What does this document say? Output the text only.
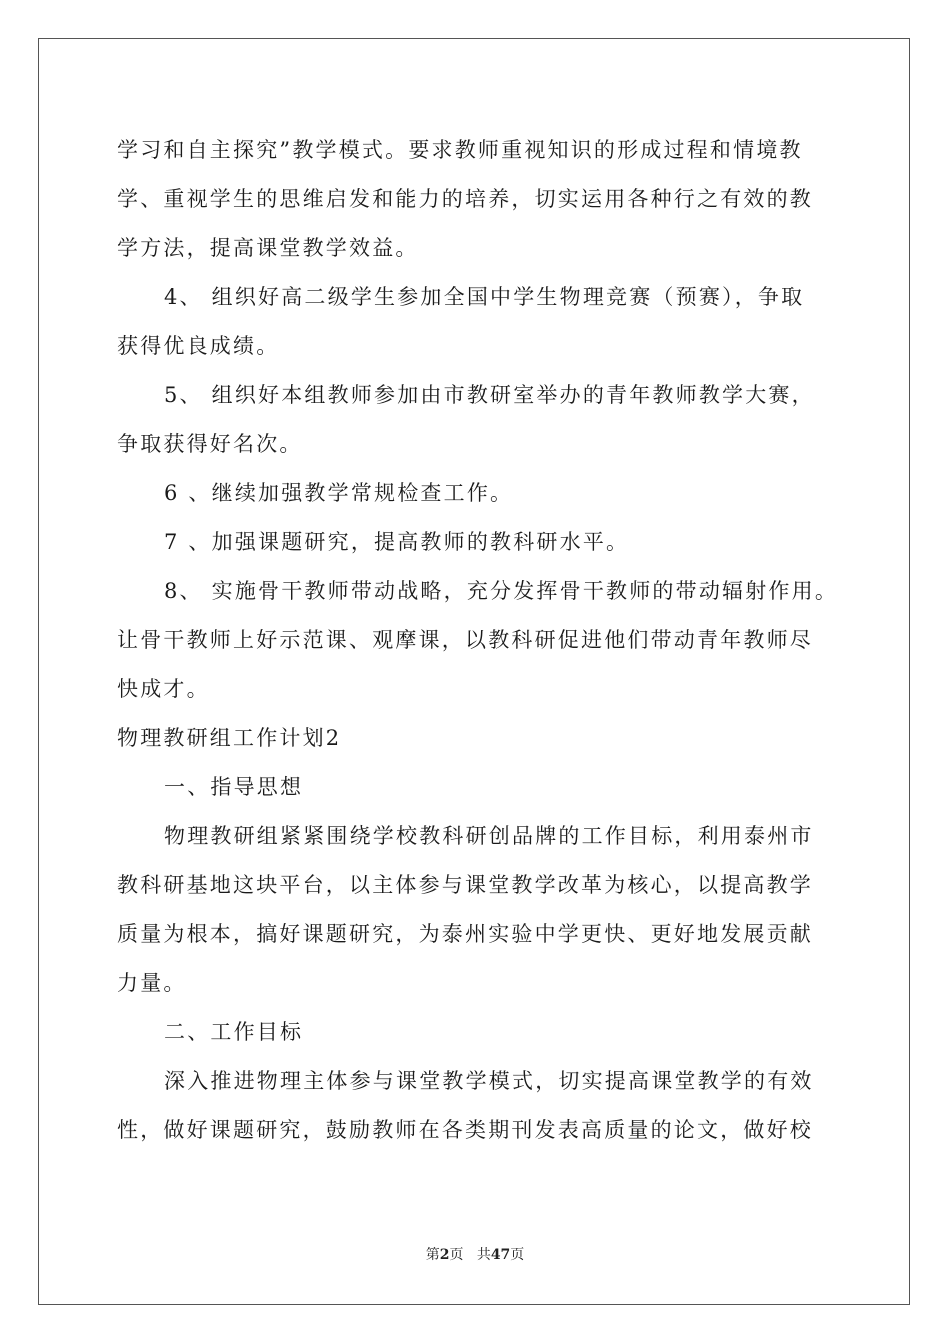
学习和自主探究”教学模式。要求教师重视知识的形成过程和情境教
学、重视学生的思维启发和能力的培养，切实运用各种行之有效的教
学方法，提高课堂教学效益。
4、 组织好高二级学生参加全国中学生物理竞赛（预赛），争取
获得优良成绩。
5、 组织好本组教师参加由市教研室举办的青年教师教学大赛，
争取获得好名次。
6 、继续加强教学常规检查工作。
7 、加强课题研究，提高教师的教科研水平。
8、 实施骨干教师带动战略，充分发挥骨干教师的带动辐射作用。
让骨干教师上好示范课、观摩课，以教科研促进他们带动青年教师尽
快成才。
物理教研组工作计划2
一、指导思想
物理教研组紧紧围绕学校教科研创品牌的工作目标，利用泰州市
教科研基地这块平台，以主体参与课堂教学改革为核心，以提高教学
质量为根本，搞好课题研究，为泰州实验中学更快、更好地发展贡献
力量。
二、工作目标
深入推进物理主体参与课堂教学模式，切实提高课堂教学的有效
性，做好课题研究，鼓励教师在各类期刊发表高质量的论文，做好校
第2页 共47页
